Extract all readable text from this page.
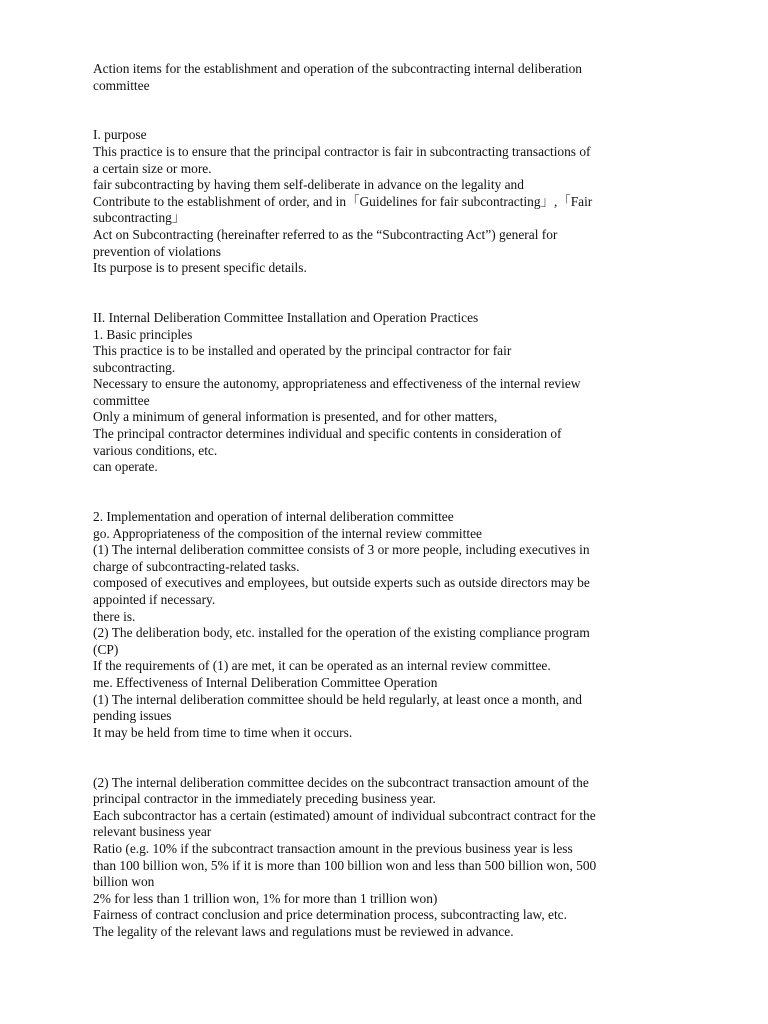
Action items for the establishment and operation of the subcontracting internal deliberation
committee
I. purpose
This practice is to ensure that the principal contractor is fair in subcontracting transactions of
a certain size or more.
fair subcontracting by having them self-deliberate in advance on the legality and
Contribute to the establishment of order, and in「Guidelines for fair subcontracting」,「Fair
subcontracting」
Act on Subcontracting (hereinafter referred to as the “Subcontracting Act”) general for
prevention of violations
Its purpose is to present specific details.
II. Internal Deliberation Committee Installation and Operation Practices
1. Basic principles
This practice is to be installed and operated by the principal contractor for fair
subcontracting.
Necessary to ensure the autonomy, appropriateness and effectiveness of the internal review
committee
Only a minimum of general information is presented, and for other matters,
The principal contractor determines individual and specific contents in consideration of
various conditions, etc.
can operate.
2. Implementation and operation of internal deliberation committee
go. Appropriateness of the composition of the internal review committee
(1) The internal deliberation committee consists of 3 or more people, including executives in
charge of subcontracting-related tasks.
composed of executives and employees, but outside experts such as outside directors may be
appointed if necessary.
there is.
(2) The deliberation body, etc. installed for the operation of the existing compliance program
(CP)
If the requirements of (1) are met, it can be operated as an internal review committee.
me. Effectiveness of Internal Deliberation Committee Operation
(1) The internal deliberation committee should be held regularly, at least once a month, and
pending issues
It may be held from time to time when it occurs.
(2) The internal deliberation committee decides on the subcontract transaction amount of the
principal contractor in the immediately preceding business year.
Each subcontractor has a certain (estimated) amount of individual subcontract contract for the
relevant business year
Ratio (e.g. 10% if the subcontract transaction amount in the previous business year is less
than 100 billion won, 5% if it is more than 100 billion won and less than 500 billion won, 500
billion won
2% for less than 1 trillion won, 1% for more than 1 trillion won)
Fairness of contract conclusion and price determination process, subcontracting law, etc.
The legality of the relevant laws and regulations must be reviewed in advance.
